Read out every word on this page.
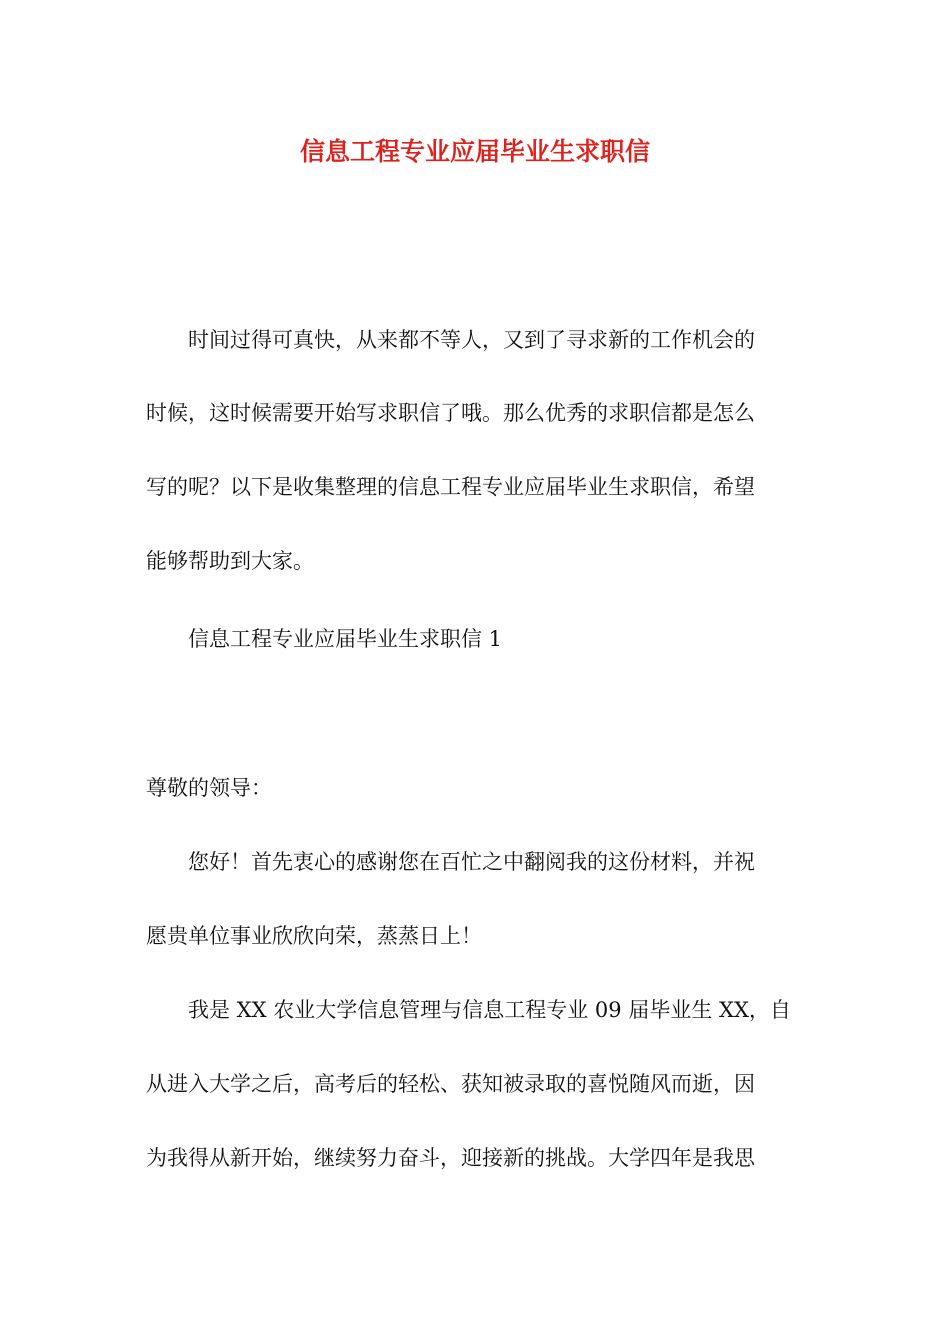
信息工程专业应届毕业生求职信
时间过得可真快，从来都不等人，又到了寻求新的工作机会的
时候，这时候需要开始写求职信了哦。那么优秀的求职信都是怎么
写的呢？以下是收集整理的信息工程专业应届毕业生求职信，希望
能够帮助到大家。
信息工程专业应届毕业生求职信 1
尊敬的领导：
您好！首先衷心的感谢您在百忙之中翻阅我的这份材料，并祝
愿贵单位事业欣欣向荣，蒸蒸日上！
我是 XX 农业大学信息管理与信息工程专业 09 届毕业生 XX，自
从进入大学之后，高考后的轻松、获知被录取的喜悦随风而逝，因
为我得从新开始，继续努力奋斗，迎接新的挑战。大学四年是我思
